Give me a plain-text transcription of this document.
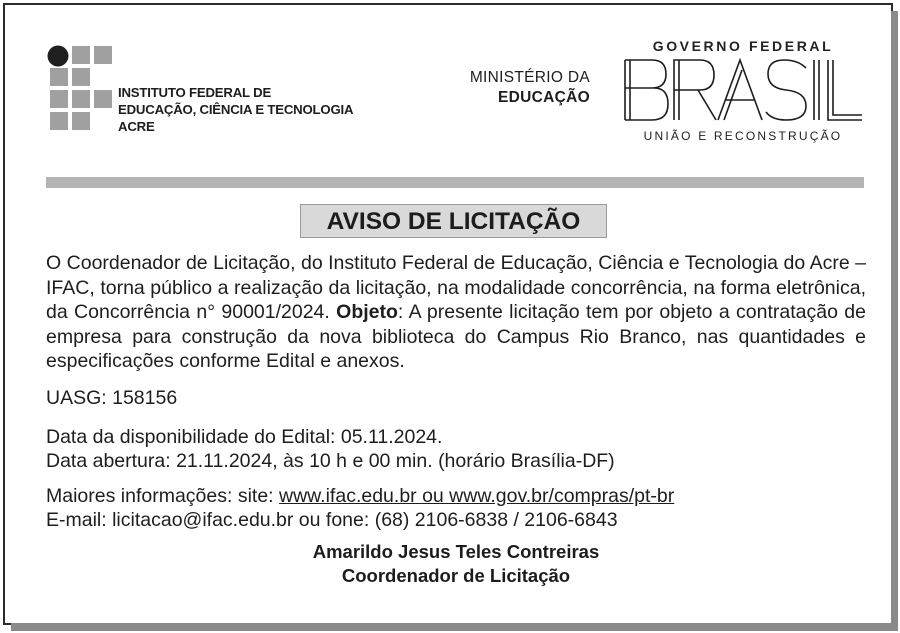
INSTITUTO FEDERAL DE
EDUCAÇÃO, CIÊNCIA E TECNOLOGIA
ACRE
MINISTÉRIO DA
EDUCAÇÃO
GOVERNO FEDERAL
UNIÃO E RECONSTRUÇÃO
AVISO DE LICITAÇÃO

O Coordenador de Licitação, do Instituto Federal de Educação, Ciência e Tecnologia do Acre – IFAC, torna público a realização da licitação, na modalidade concorrência, na forma eletrônica, da Concorrência n° 90001/2024. Objeto: A presente licitação tem por objeto a contratação de empresa para construção da nova biblioteca do Campus Rio Branco, nas quantidades e especificações conforme Edital e anexos.

UASG: 158156

Data da disponibilidade do Edital: 05.11.2024.

Data abertura: 21.11.2024, às 10 h e 00 min. (horário Brasília-DF)

Maiores informações: site: www.ifac.edu.br ou www.gov.br/compras/pt-br

E-mail: licitacao@ifac.edu.br ou fone: (68) 2106-6838 / 2106-6843

Amarildo Jesus Teles Contreiras
Coordenador de Licitação
